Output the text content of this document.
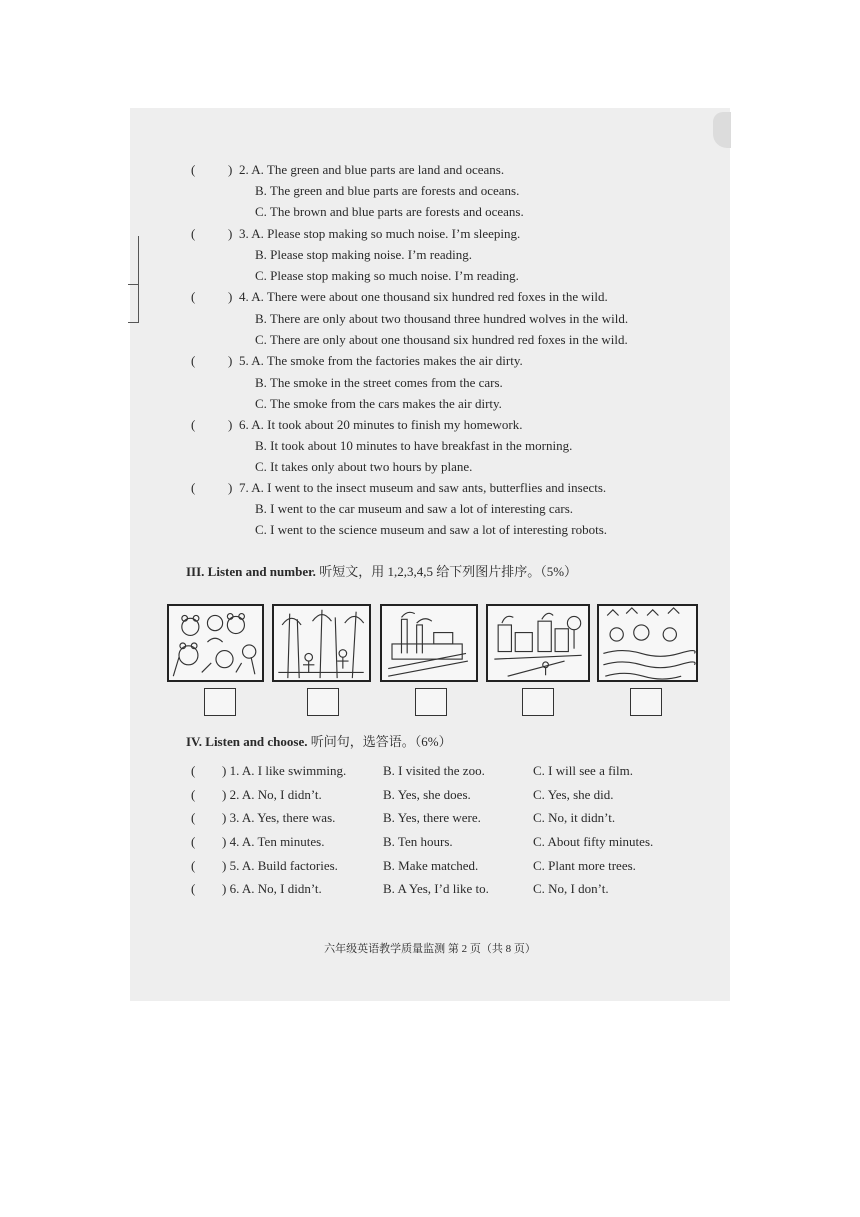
(	) 2. A. The green and blue parts are land and oceans.
B. The green and blue parts are forests and oceans.
C. The brown and blue parts are forests and oceans.
(	) 3. A. Please stop making so much noise. I’m sleeping.
B. Please stop making noise. I’m reading.
C. Please stop making so much noise. I’m reading.
(	) 4. A. There were about one thousand six hundred red foxes in the wild.
B. There are only about two thousand three hundred wolves in the wild.
C. There are only about one thousand six hundred red foxes in the wild.
(	) 5. A. The smoke from the factories makes the air dirty.
B. The smoke in the street comes from the cars.
C. The smoke from the cars makes the air dirty.
(	) 6. A. It took about 20 minutes to finish my homework.
B. It took about 10 minutes to have breakfast in the morning.
C. It takes only about two hours by plane.
(	) 7. A. I went to the insect museum and saw ants, butterflies and insects.
B. I went to the car museum and saw a lot of interesting cars.
C. I went to the science museum and saw a lot of interesting robots.
III. Listen and number. 听短文，用 1,2,3,4,5 给下列图片排序。（5%）
IV. Listen and choose. 听问句，选答语。（6%）
( ) 1. A. I like swimming.	B. I visited the zoo.	C. I will see a film.
( ) 2. A. No, I didn’t.	B. Yes, she does.	C. Yes, she did.
( ) 3. A. Yes, there was.	B. Yes, there were.	C. No, it didn’t.
( ) 4. A. Ten minutes.	B. Ten hours.	C. About fifty minutes.
( ) 5. A. Build factories.	B. Make matched.	C. Plant more trees.
( ) 6. A. No, I didn’t.	B. A Yes, I’d like to.	C. No, I don’t.
六年级英语教学质量监测 第 2 页（共 8 页）
